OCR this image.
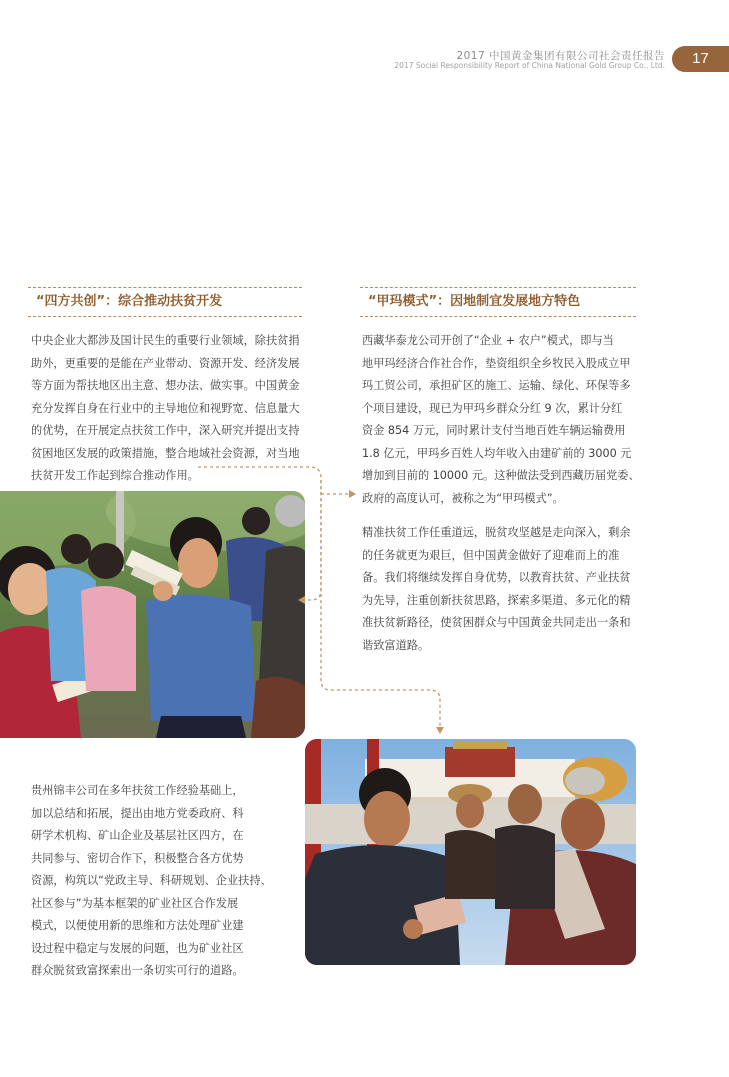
2017 中国黄金集团有限公司社会责任报告
2017 Social Responsibility Report of China National Gold Group Co., Ltd.	17
“四方共创”：综合推动扶贫开发	“甲玛模式”：因地制宜发展地方特色
中央企业大都涉及国计民生的重要行业领域，除扶贫捐
助外，更重要的是能在产业带动、资源开发、经济发展
等方面为帮扶地区出主意、想办法、做实事。中国黄金
充分发挥自身在行业中的主导地位和视野宽、信息量大
的优势，在开展定点扶贫工作中，深入研究并提出支持
贫困地区发展的政策措施，整合地域社会资源，对当地
扶贫开发工作起到综合推动作用。
西藏华泰龙公司开创了“企业 + 农户”模式，即与当
地甲玛经济合作社合作，垫资组织全乡牧民入股成立甲
玛工贸公司，承担矿区的施工、运输、绿化、环保等多
个项目建设，现已为甲玛乡群众分红 9 次，累计分红
资金 854 万元，同时累计支付当地百姓车辆运输费用
1.8 亿元，甲玛乡百姓人均年收入由建矿前的 3000 元
增加到目前的 10000 元。这种做法受到西藏历届党委、
政府的高度认可，被称之为“甲玛模式”。
精准扶贫工作任重道远，脱贫攻坚越是走向深入，剩余
的任务就更为艰巨，但中国黄金做好了迎难而上的准
备。我们将继续发挥自身优势，以教育扶贫、产业扶贫
为先导，注重创新扶贫思路，探索多渠道、多元化的精
准扶贫新路径，使贫困群众与中国黄金共同走出一条和
谐致富道路。
贵州锦丰公司在多年扶贫工作经验基础上，
加以总结和拓展，提出由地方党委政府、科
研学术机构、矿山企业及基层社区四方，在
共同参与、密切合作下，积极整合各方优势
资源，构筑以“党政主导、科研规划、企业扶持、
社区参与”为基本框架的矿业社区合作发展
模式，以便使用新的思维和方法处理矿业建
设过程中稳定与发展的问题，也为矿业社区
群众脱贫致富探索出一条切实可行的道路。
